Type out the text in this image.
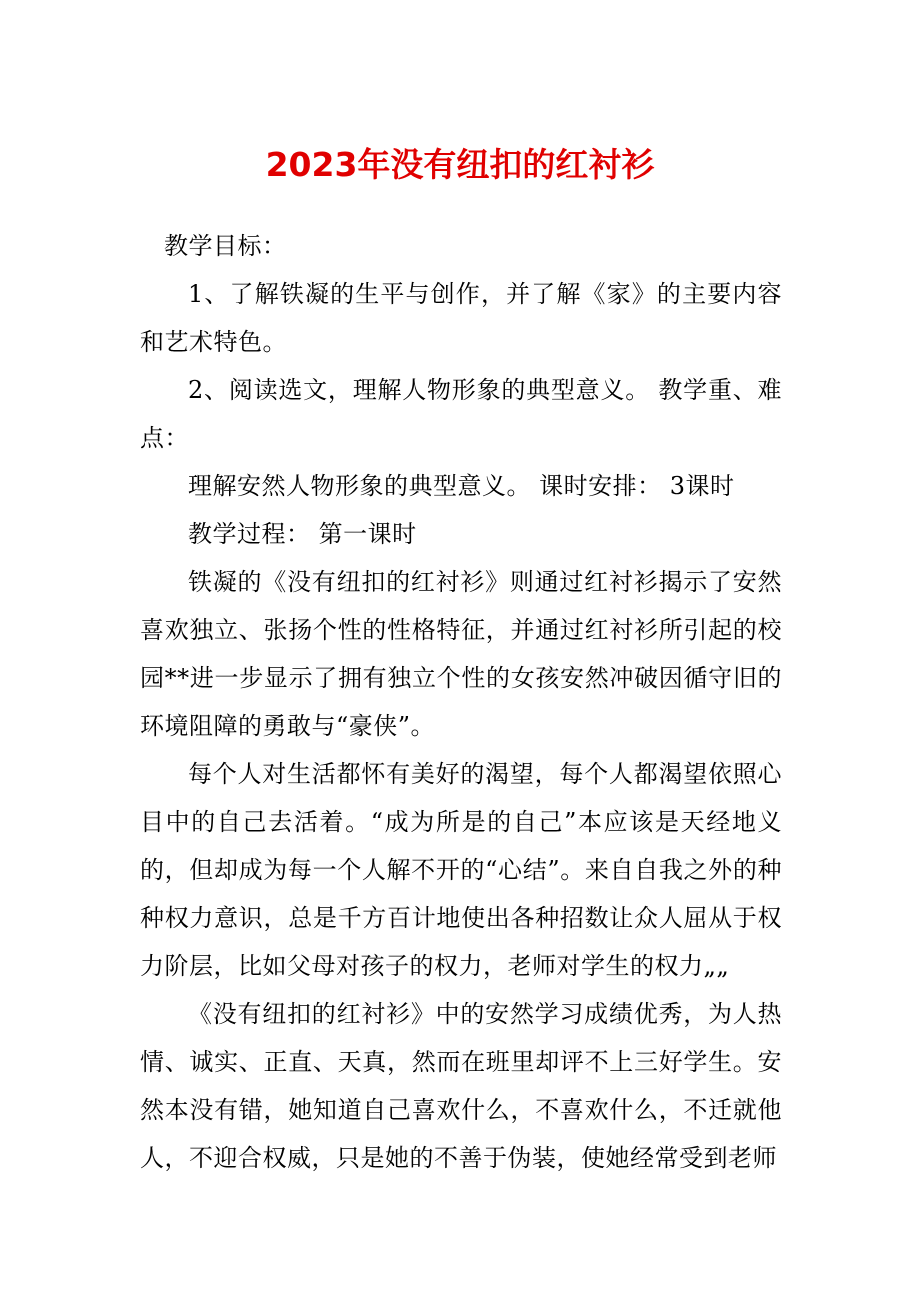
2023年没有纽扣的红衬衫

教学目标：

1、了解铁凝的生平与创作，并了解《家》的主要内容和艺术特色。

2、阅读选文，理解人物形象的典型意义。 教学重、难点：

理解安然人物形象的典型意义。 课时安排： 3课时

教学过程： 第一课时

铁凝的《没有纽扣的红衬衫》则通过红衬衫揭示了安然喜欢独立、张扬个性的性格特征，并通过红衬衫所引起的校园**进一步显示了拥有独立个性的女孩安然冲破因循守旧的环境阻障的勇敢与“豪侠”。

每个人对生活都怀有美好的渴望，每个人都渴望依照心目中的自己去活着。“成为所是的自己”本应该是天经地义的，但却成为每一个人解不开的“心结”。来自自我之外的种种权力意识，总是千方百计地使出各种招数让众人屈从于权力阶层，比如父母对孩子的权力，老师对学生的权力„„

《没有纽扣的红衬衫》中的安然学习成绩优秀，为人热情、诚实、正直、天真，然而在班里却评不上三好学生。安然本没有错，她知道自己喜欢什么，不喜欢什么，不迁就他人，不迎合权威，只是她的不善于伪装，使她经常受到老师
